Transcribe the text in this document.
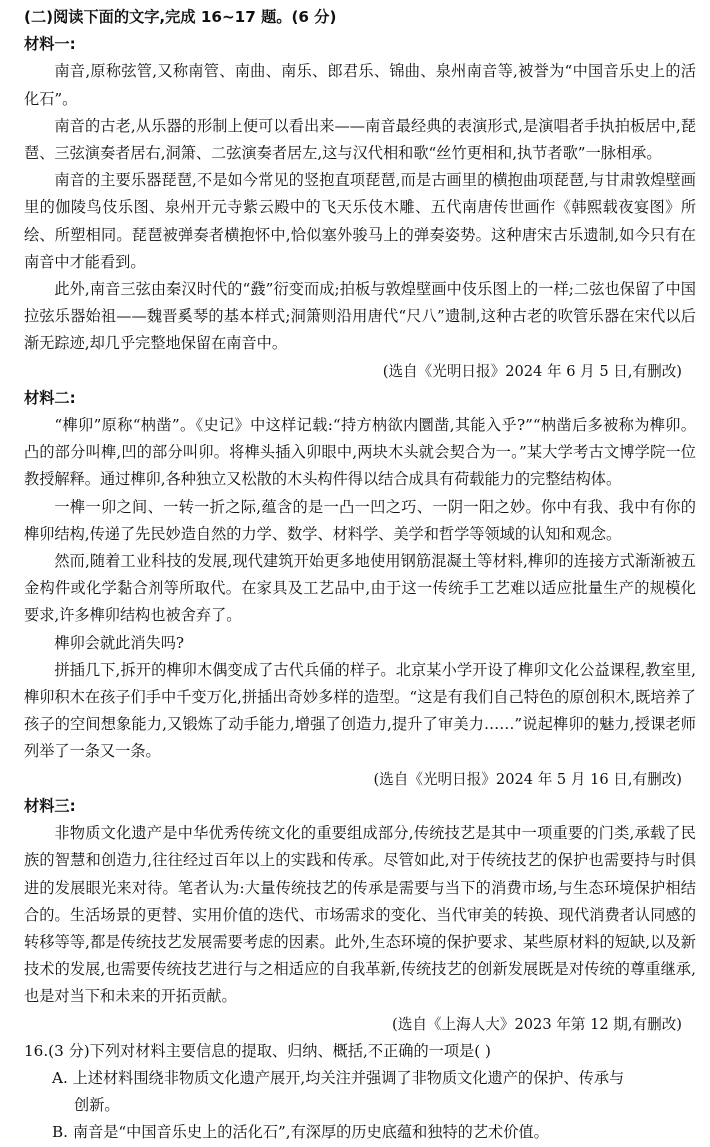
(二)阅读下面的文字,完成 16~17 题。(6 分)

材料一:

南音,原称弦管,又称南管、南曲、南乐、郎君乐、锦曲、泉州南音等,被誉为“中国音乐史上的活化石”。

南音的古老,从乐器的形制上便可以看出来——南音最经典的表演形式,是演唱者手执拍板居中,琵琶、三弦演奏者居右,洞箫、二弦演奏者居左,这与汉代相和歌“丝竹更相和,执节者歌”一脉相承。

南音的主要乐器琵琶,不是如今常见的竖抱直项琵琶,而是古画里的横抱曲项琵琶,与甘肃敦煌壁画里的伽陵鸟伎乐图、泉州开元寺紫云殿中的飞天乐伎木雕、五代南唐传世画作《韩熙载夜宴图》所绘、所塑相同。琵琶被弹奏者横抱怀中,恰似塞外骏马上的弹奏姿势。这种唐宋古乐遗制,如今只有在南音中才能看到。

此外,南音三弦由秦汉时代的“鼗”衍变而成;拍板与敦煌壁画中伎乐图上的一样;二弦也保留了中国拉弦乐器始祖——魏晋奚琴的基本样式;洞箫则沿用唐代“尺八”遗制,这种古老的吹管乐器在宋代以后渐无踪迹,却几乎完整地保留在南音中。

(选自《光明日报》2024 年 6 月 5 日,有删改)

材料二:

“榫卯”原称“枘凿”。《史记》中这样记载:“持方枘欲内圜凿,其能入乎?”“枘凿后多被称为榫卯。凸的部分叫榫,凹的部分叫卯。将榫头插入卯眼中,两块木头就会契合为一。”某大学考古文博学院一位教授解释。通过榫卯,各种独立又松散的木头构件得以结合成具有荷载能力的完整结构体。

一榫一卯之间、一转一折之际,蕴含的是一凸一凹之巧、一阴一阳之妙。你中有我、我中有你的榫卯结构,传递了先民妙造自然的力学、数学、材料学、美学和哲学等领域的认知和观念。

然而,随着工业科技的发展,现代建筑开始更多地使用钢筋混凝土等材料,榫卯的连接方式渐渐被五金构件或化学黏合剂等所取代。在家具及工艺品中,由于这一传统手工艺难以适应批量生产的规模化要求,许多榫卯结构也被舍弃了。

榫卯会就此消失吗?

拼插几下,拆开的榫卯木偶变成了古代兵俑的样子。北京某小学开设了榫卯文化公益课程,教室里,榫卯积木在孩子们手中千变万化,拼插出奇妙多样的造型。“这是有我们自己特色的原创积木,既培养了孩子的空间想象能力,又锻炼了动手能力,增强了创造力,提升了审美力……”说起榫卯的魅力,授课老师列举了一条又一条。

(选自《光明日报》2024 年 5 月 16 日,有删改)

材料三:

非物质文化遗产是中华优秀传统文化的重要组成部分,传统技艺是其中一项重要的门类,承载了民族的智慧和创造力,往往经过百年以上的实践和传承。尽管如此,对于传统技艺的保护也需要持与时俱进的发展眼光来对待。笔者认为:大量传统技艺的传承是需要与当下的消费市场,与生态环境保护相结合的。生活场景的更替、实用价值的迭代、市场需求的变化、当代审美的转换、现代消费者认同感的转移等等,都是传统技艺发展需要考虑的因素。此外,生态环境的保护要求、某些原材料的短缺,以及新技术的发展,也需要传统技艺进行与之相适应的自我革新,传统技艺的创新发展既是对传统的尊重继承,也是对当下和未来的开拓贡献。

(选自《上海人大》2023 年第 12 期,有删改)

16.(3 分)下列对材料主要信息的提取、归纳、概括,不正确的一项是( )

A. 上述材料围绕非物质文化遗产展开,均关注并强调了非物质文化遗产的保护、传承与

创新。

B. 南音是“中国音乐史上的活化石”,有深厚的历史底蕴和独特的艺术价值。
